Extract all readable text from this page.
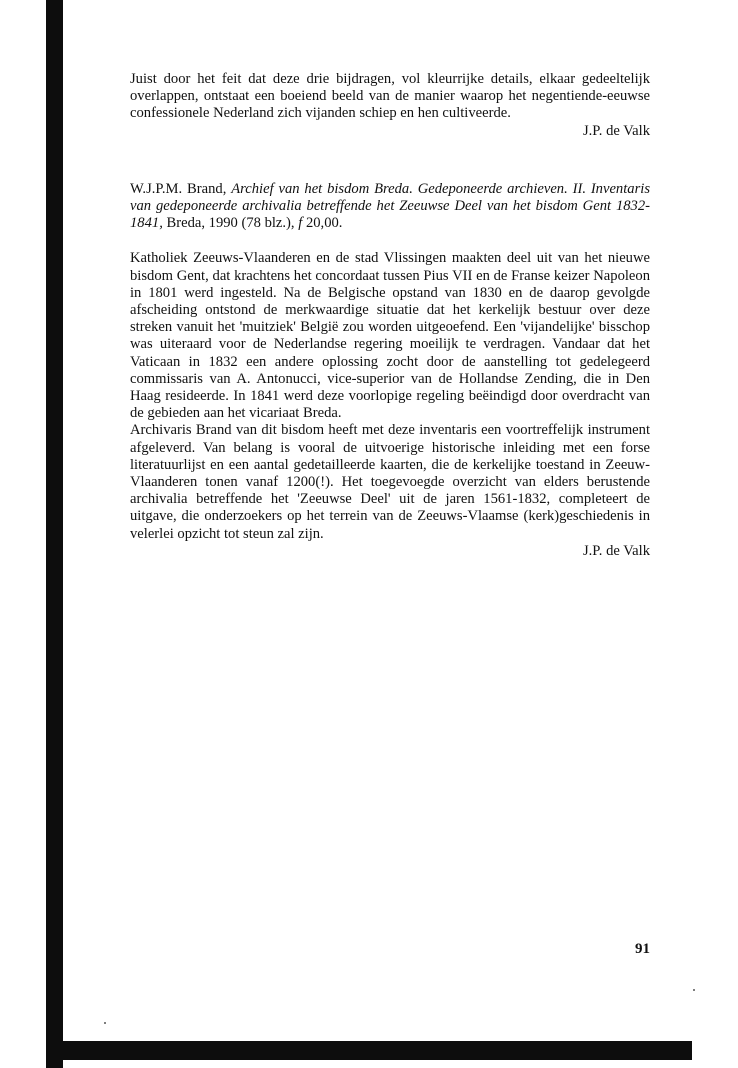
Juist door het feit dat deze drie bijdragen, vol kleurrijke details, elkaar gedeeltelijk overlappen, ontstaat een boeiend beeld van de manier waarop het negentiende-eeuwse confessionele Nederland zich vijanden schiep en hen cultiveerde.

J.P. de Valk

W.J.P.M. Brand, Archief van het bisdom Breda. Gedeponeerde archieven. II. Inventaris van gedeponeerde archivalia betreffende het Zeeuwse Deel van het bisdom Gent 1832-1841, Breda, 1990 (78 blz.), f 20,00.

Katholiek Zeeuws-Vlaanderen en de stad Vlissingen maakten deel uit van het nieuwe bisdom Gent, dat krachtens het concordaat tussen Pius VII en de Franse keizer Napoleon in 1801 werd ingesteld. Na de Belgische opstand van 1830 en de daarop gevolgde afscheiding ontstond de merkwaardige situatie dat het kerkelijk bestuur over deze streken vanuit het 'muitziek' België zou worden uitgeoefend. Een 'vijandelijke' bisschop was uiteraard voor de Nederlandse regering moeilijk te verdragen. Vandaar dat het Vaticaan in 1832 een andere oplossing zocht door de aanstelling tot gedelegeerd commissaris van A. Antonucci, vice-superior van de Hollandse Zending, die in Den Haag resideerde. In 1841 werd deze voorlopige regeling beëindigd door overdracht van de gebieden aan het vicariaat Breda.

Archivaris Brand van dit bisdom heeft met deze inventaris een voortreffelijk instrument afgeleverd. Van belang is vooral de uitvoerige historische inleiding met een forse literatuurlijst en een aantal gedetailleerde kaarten, die de kerkelijke toestand in Zeeuw-Vlaanderen tonen vanaf 1200(!). Het toegevoegde overzicht van elders berustende archivalia betreffende het 'Zeeuwse Deel' uit de jaren 1561-1832, completeert de uitgave, die onderzoekers op het terrein van de Zeeuws-Vlaamse (kerk)geschiedenis in velerlei opzicht tot steun zal zijn.

J.P. de Valk
91
